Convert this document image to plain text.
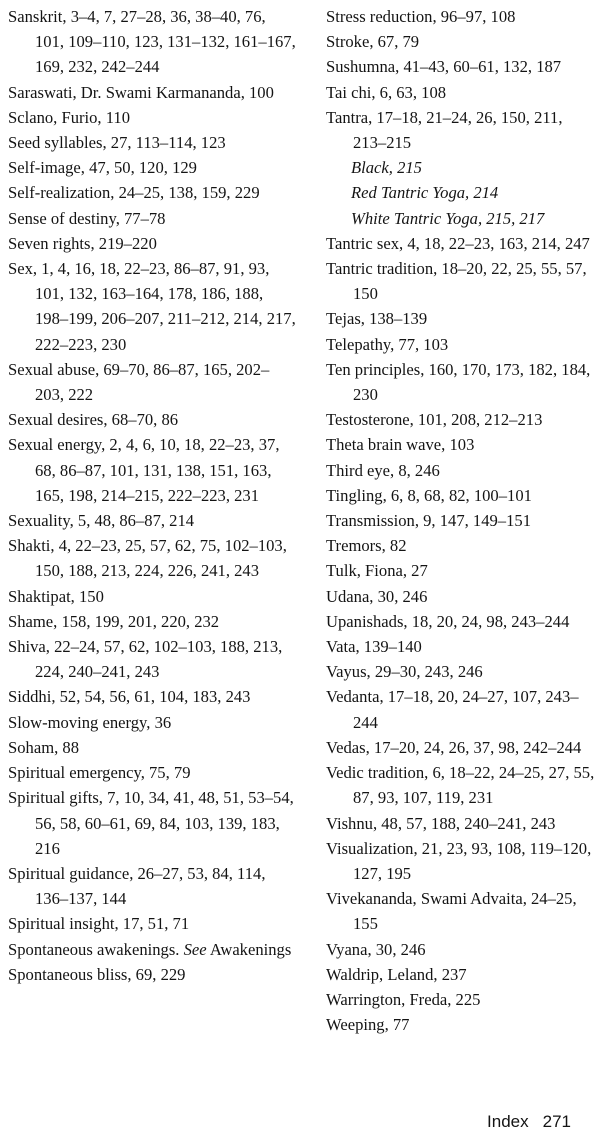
Sanskrit, 3–4, 7, 27–28, 36, 38–40, 76, 101, 109–110, 123, 131–132, 161–167, 169, 232, 242–244

Saraswati, Dr. Swami Karmananda, 100

Sclano, Furio, 110

Seed syllables, 27, 113–114, 123

Self-image, 47, 50, 120, 129

Self-realization, 24–25, 138, 159, 229

Sense of destiny, 77–78

Seven rights, 219–220

Sex, 1, 4, 16, 18, 22–23, 86–87, 91, 93, 101, 132, 163–164, 178, 186, 188, 198–199, 206–207, 211–212, 214, 217, 222–223, 230

Sexual abuse, 69–70, 86–87, 165, 202–203, 222

Sexual desires, 68–70, 86

Sexual energy, 2, 4, 6, 10, 18, 22–23, 37, 68, 86–87, 101, 131, 138, 151, 163, 165, 198, 214–215, 222–223, 231

Sexuality, 5, 48, 86–87, 214

Shakti, 4, 22–23, 25, 57, 62, 75, 102–103, 150, 188, 213, 224, 226, 241, 243

Shaktipat, 150

Shame, 158, 199, 201, 220, 232

Shiva, 22–24, 57, 62, 102–103, 188, 213, 224, 240–241, 243

Siddhi, 52, 54, 56, 61, 104, 183, 243

Slow-moving energy, 36

Soham, 88

Spiritual emergency, 75, 79

Spiritual gifts, 7, 10, 34, 41, 48, 51, 53–54, 56, 58, 60–61, 69, 84, 103, 139, 183, 216

Spiritual guidance, 26–27, 53, 84, 114, 136–137, 144

Spiritual insight, 17, 51, 71

Spontaneous awakenings. See Awakenings

Spontaneous bliss, 69, 229

Stress reduction, 96–97, 108

Stroke, 67, 79

Sushumna, 41–43, 60–61, 132, 187

Tai chi, 6, 63, 108

Tantra, 17–18, 21–24, 26, 150, 211, 213–215

Black, 215

Red Tantric Yoga, 214

White Tantric Yoga, 215, 217

Tantric sex, 4, 18, 22–23, 163, 214, 247

Tantric tradition, 18–20, 22, 25, 55, 57, 150

Tejas, 138–139

Telepathy, 77, 103

Ten principles, 160, 170, 173, 182, 184, 230

Testosterone, 101, 208, 212–213

Theta brain wave, 103

Third eye, 8, 246

Tingling, 6, 8, 68, 82, 100–101

Transmission, 9, 147, 149–151

Tremors, 82

Tulk, Fiona, 27

Udana, 30, 246

Upanishads, 18, 20, 24, 98, 243–244

Vata, 139–140

Vayus, 29–30, 243, 246

Vedanta, 17–18, 20, 24–27, 107, 243–244

Vedas, 17–20, 24, 26, 37, 98, 242–244

Vedic tradition, 6, 18–22, 24–25, 27, 55, 87, 93, 107, 119, 231

Vishnu, 48, 57, 188, 240–241, 243

Visualization, 21, 23, 93, 108, 119–120, 127, 195

Vivekananda, Swami Advaita, 24–25, 155

Vyana, 30, 246

Waldrip, Leland, 237

Warrington, Freda, 225

Weeping, 77

Index 271
